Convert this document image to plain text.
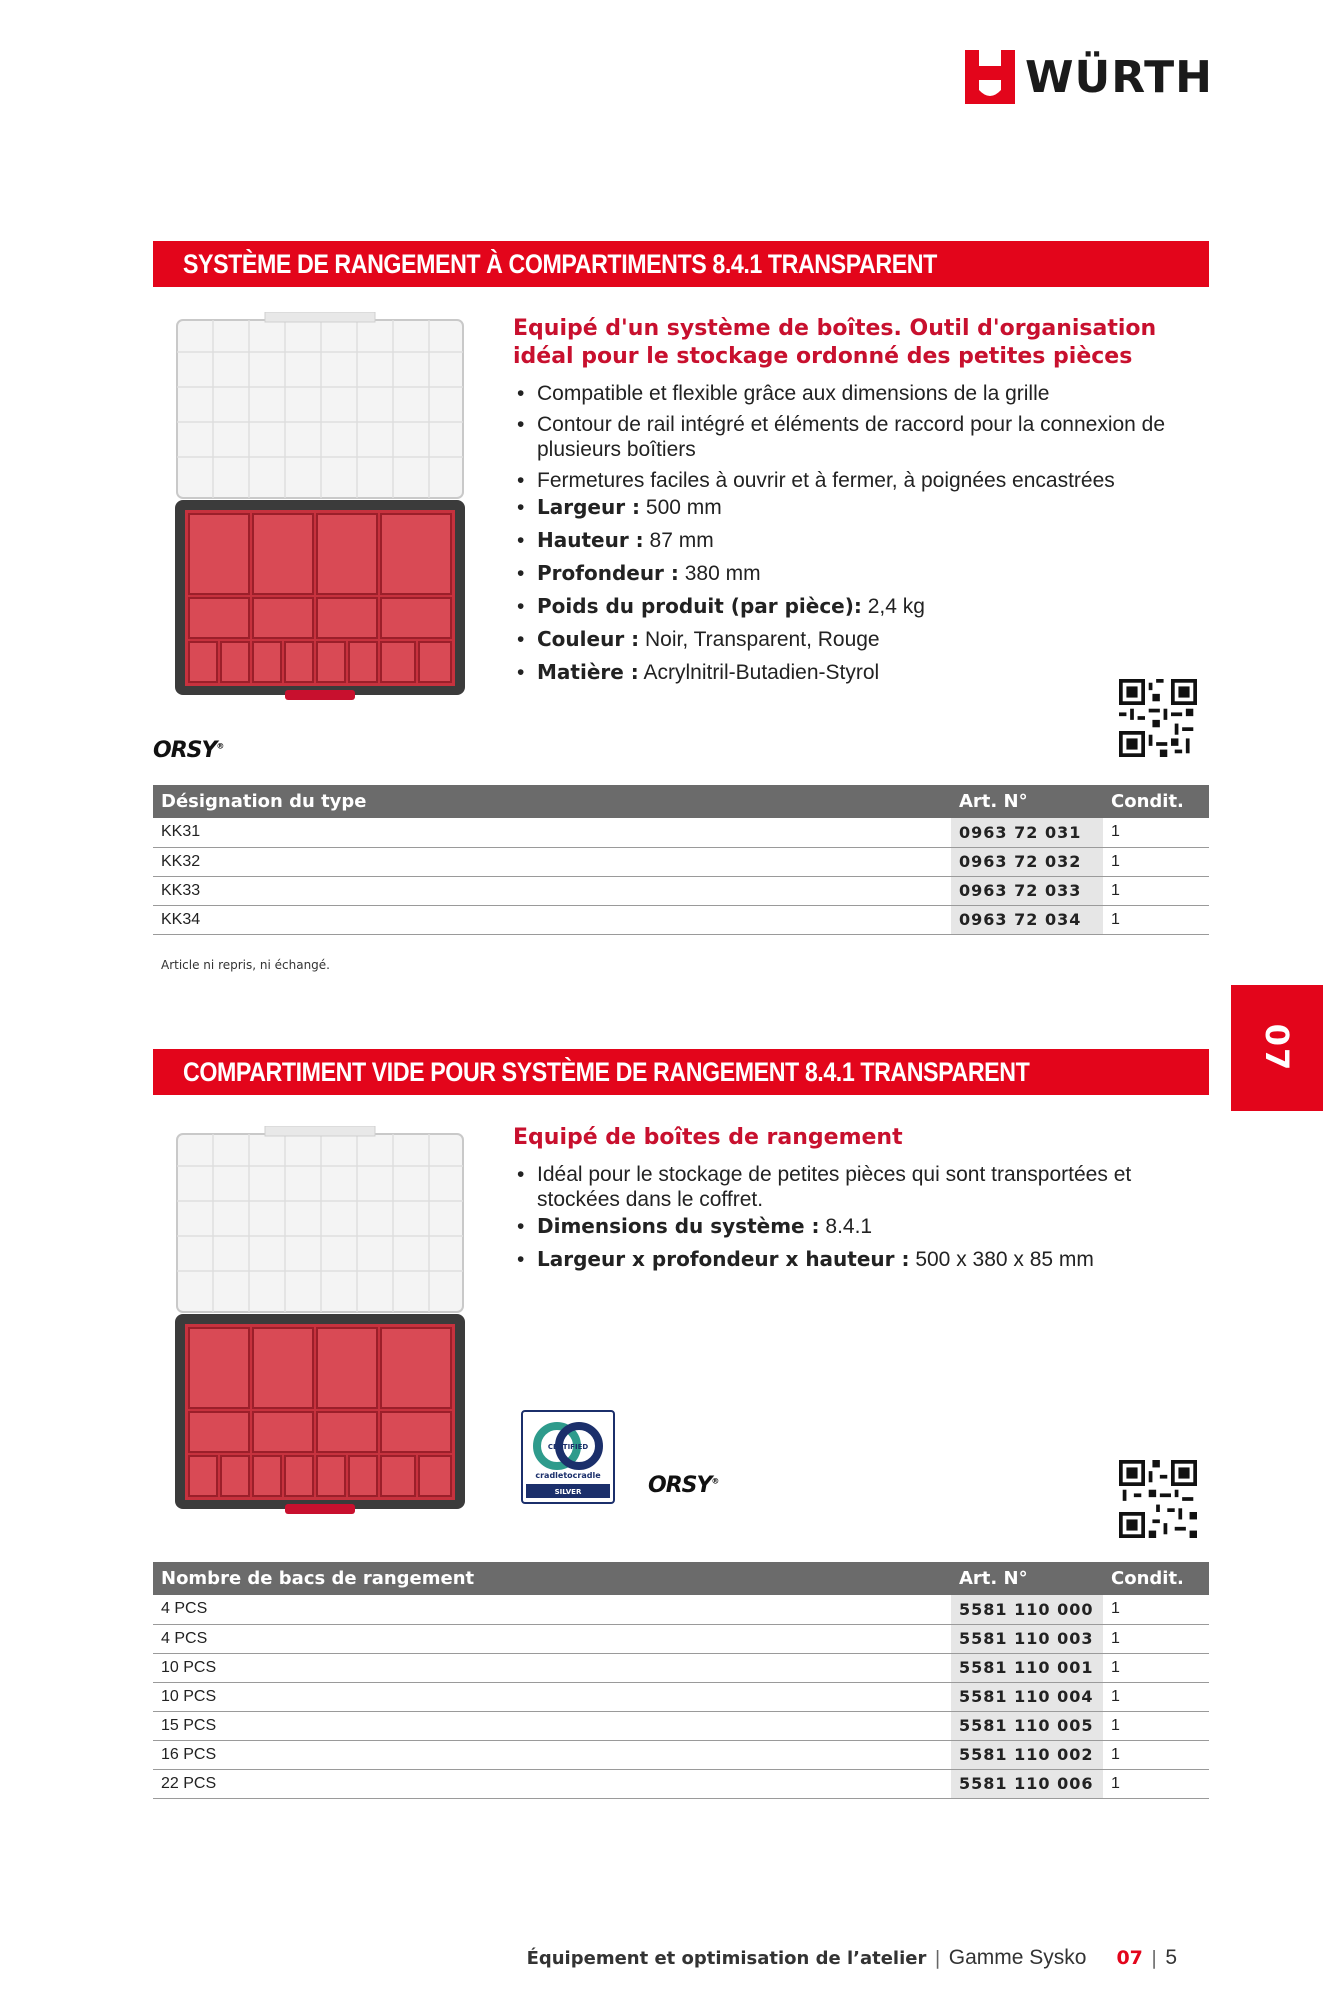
WÜRTH
SYSTÈME DE RANGEMENT À COMPARTIMENTS 8.4.1 TRANSPARENT
Equipé d'un système de boîtes. Outil d'organisation idéal pour le stockage ordonné des petites pièces
• Compatible et flexible grâce aux dimensions de la grille
• Contour de rail intégré et éléments de raccord pour la connexion de plusieurs boîtiers
• Fermetures faciles à ouvrir et à fermer, à poignées encastrées
• Largeur : 500 mm
• Hauteur : 87 mm
• Profondeur : 380 mm
• Poids du produit (par pièce): 2,4 kg
• Couleur : Noir, Transparent, Rouge
• Matière : Acrylnitril-Butadien-Styrol
ORSY®
Désignation du type	Art. N°	Condit.
KK31	0963 72 031	1
KK32	0963 72 032	1
KK33	0963 72 033	1
KK34	0963 72 034	1
Article ni repris, ni échangé.
07
COMPARTIMENT VIDE POUR SYSTÈME DE RANGEMENT 8.4.1 TRANSPARENT
Equipé de boîtes de rangement
• Idéal pour le stockage de petites pièces qui sont transportées et stockées dans le coffret.
• Dimensions du système : 8.4.1
• Largeur x profondeur x hauteur : 500 x 380 x 85 mm
CERTIFIED
cradletocradle
SILVER	ORSY®
Nombre de bacs de rangement	Art. N°	Condit.
4 PCS	5581 110 000	1
4 PCS	5581 110 003	1
10 PCS	5581 110 001	1
10 PCS	5581 110 004	1
15 PCS	5581 110 005	1
16 PCS	5581 110 002	1
22 PCS	5581 110 006	1
Équipement et optimisation de l’atelier | Gamme Sysko 07 | 5
